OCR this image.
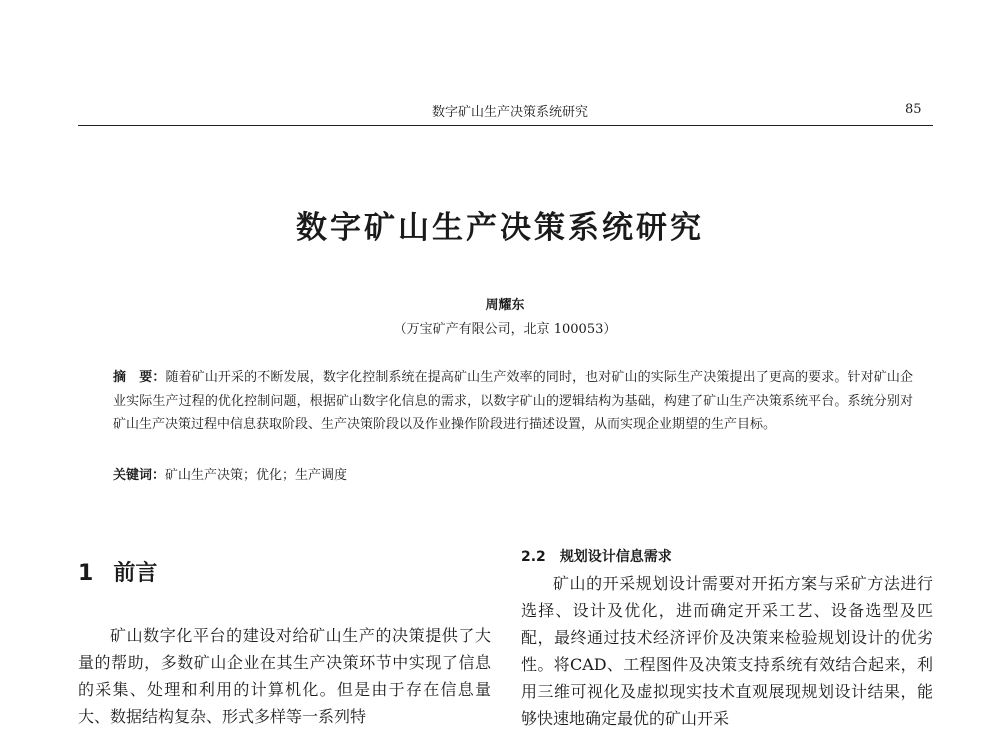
数字矿山生产决策系统研究	85
数字矿山生产决策系统研究
周耀东
（万宝矿产有限公司，北京 100053）
摘　要：随着矿山开采的不断发展，数字化控制系统在提高矿山生产效率的同时，也对矿山的实际生产决策提出了更高的要求。针对矿山企业实际生产过程的优化控制问题，根据矿山数字化信息的需求，以数字矿山的逻辑结构为基础，构建了矿山生产决策系统平台。系统分别对矿山生产决策过程中信息获取阶段、生产决策阶段以及作业操作阶段进行描述设置，从而实现企业期望的生产目标。
关键词：矿山生产决策；优化；生产调度
1 前言

矿山数字化平台的建设对给矿山生产的决策提供了大量的帮助，多数矿山企业在其生产决策环节中实现了信息的采集、处理和利用的计算机化。但是由于存在信息量大、数据结构复杂、形式多样等一系列特

2.2 规划设计信息需求

矿山的开采规划设计需要对开拓方案与采矿方法进行选择、设计及优化，进而确定开采工艺、设备选型及匹配，最终通过技术经济评价及决策来检验规划设计的优劣性。将CAD、工程图件及决策支持系统有效结合起来，利用三维可视化及虚拟现实技术直观展现规划设计结果，能够快速地确定最优的矿山开采
